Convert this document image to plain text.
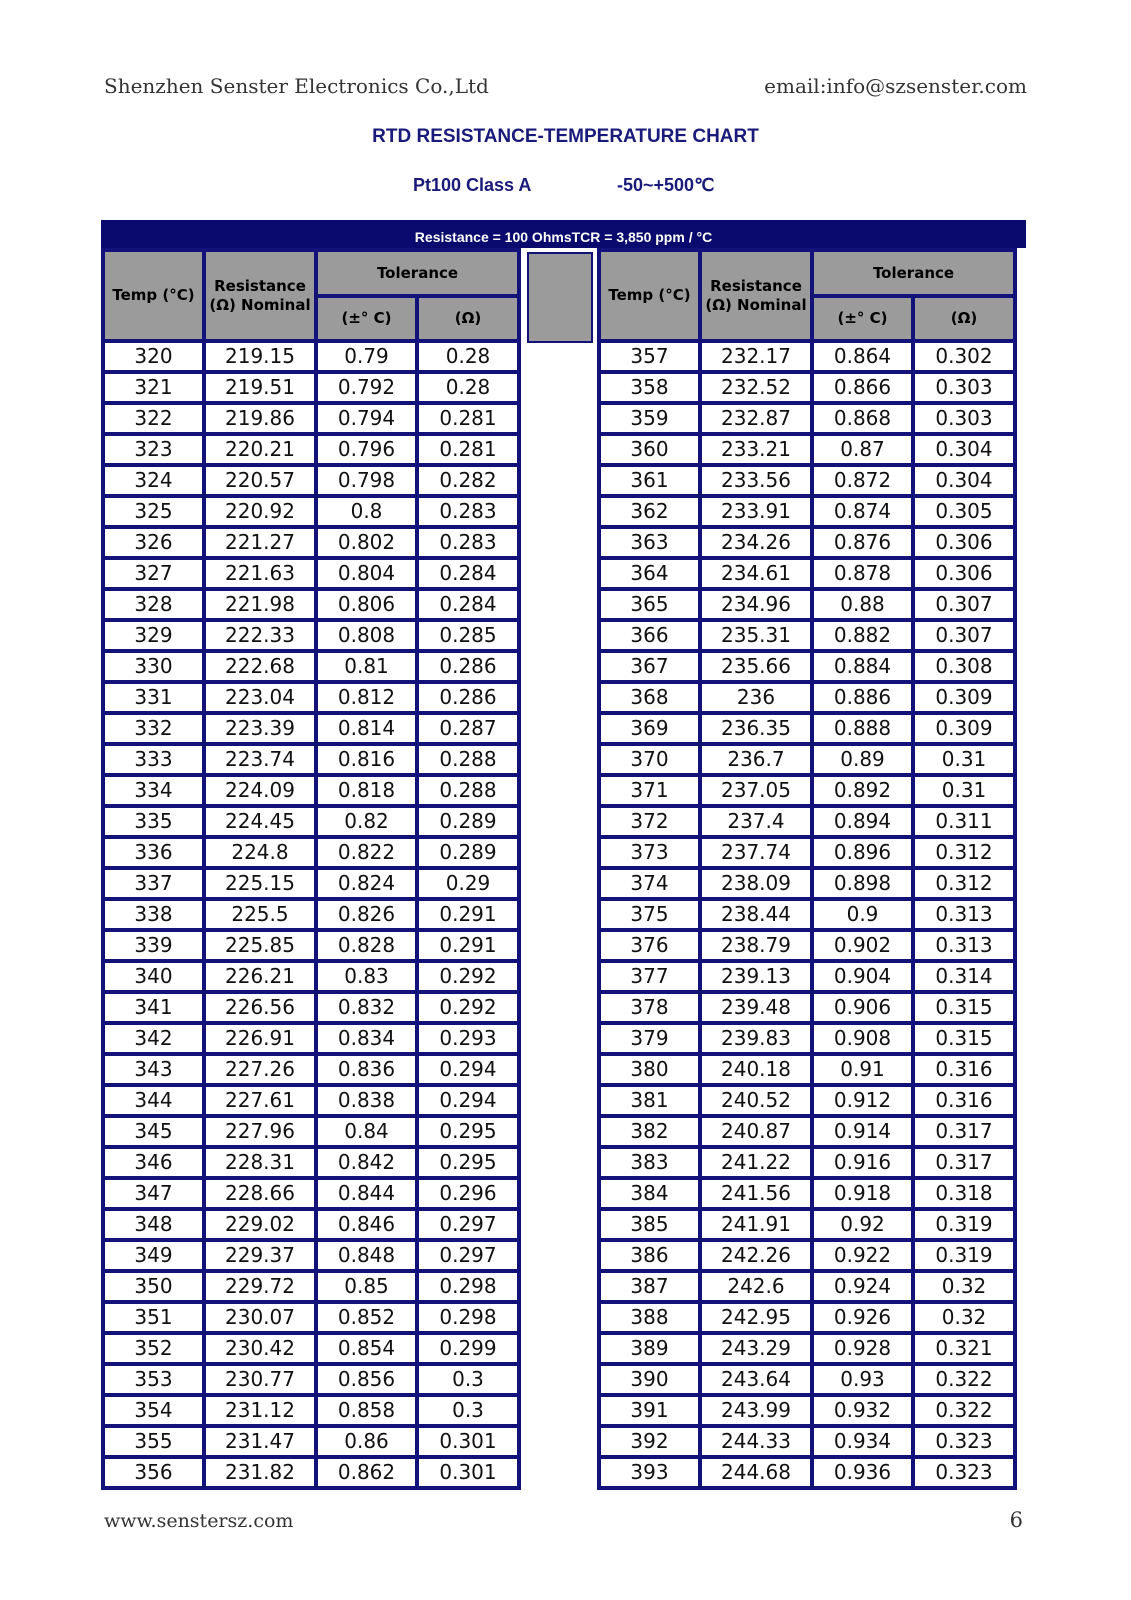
Shenzhen Senster Electronics Co.,Ltd	email:info@szsenster.com
RTD RESISTANCE-TEMPERATURE CHART
Pt100 Class A	-50~+500℃
Resistance = 100 OhmsTCR = 3,850 ppm / °C
Temp (°C)	Resistance (Ω) Nominal	Tolerance	
		(±° C)	(Ω)
320	219.15	0.79	0.28
321	219.51	0.792	0.28
322	219.86	0.794	0.281
323	220.21	0.796	0.281
324	220.57	0.798	0.282
325	220.92	0.8	0.283
326	221.27	0.802	0.283
327	221.63	0.804	0.284
328	221.98	0.806	0.284
329	222.33	0.808	0.285
330	222.68	0.81	0.286
331	223.04	0.812	0.286
332	223.39	0.814	0.287
333	223.74	0.816	0.288
334	224.09	0.818	0.288
335	224.45	0.82	0.289
336	224.8	0.822	0.289
337	225.15	0.824	0.29
338	225.5	0.826	0.291
339	225.85	0.828	0.291
340	226.21	0.83	0.292
341	226.56	0.832	0.292
342	226.91	0.834	0.293
343	227.26	0.836	0.294
344	227.61	0.838	0.294
345	227.96	0.84	0.295
346	228.31	0.842	0.295
347	228.66	0.844	0.296
348	229.02	0.846	0.297
349	229.37	0.848	0.297
350	229.72	0.85	0.298
351	230.07	0.852	0.298
352	230.42	0.854	0.299
353	230.77	0.856	0.3
354	231.12	0.858	0.3
355	231.47	0.86	0.301
356	231.82	0.862	0.301
Temp (°C)	Resistance (Ω) Nominal	Tolerance	
		(±° C)	(Ω)
357	232.17	0.864	0.302
358	232.52	0.866	0.303
359	232.87	0.868	0.303
360	233.21	0.87	0.304
361	233.56	0.872	0.304
362	233.91	0.874	0.305
363	234.26	0.876	0.306
364	234.61	0.878	0.306
365	234.96	0.88	0.307
366	235.31	0.882	0.307
367	235.66	0.884	0.308
368	236	0.886	0.309
369	236.35	0.888	0.309
370	236.7	0.89	0.31
371	237.05	0.892	0.31
372	237.4	0.894	0.311
373	237.74	0.896	0.312
374	238.09	0.898	0.312
375	238.44	0.9	0.313
376	238.79	0.902	0.313
377	239.13	0.904	0.314
378	239.48	0.906	0.315
379	239.83	0.908	0.315
380	240.18	0.91	0.316
381	240.52	0.912	0.316
382	240.87	0.914	0.317
383	241.22	0.916	0.317
384	241.56	0.918	0.318
385	241.91	0.92	0.319
386	242.26	0.922	0.319
387	242.6	0.924	0.32
388	242.95	0.926	0.32
389	243.29	0.928	0.321
390	243.64	0.93	0.322
391	243.99	0.932	0.322
392	244.33	0.934	0.323
393	244.68	0.936	0.323
www.senstersz.com	6
